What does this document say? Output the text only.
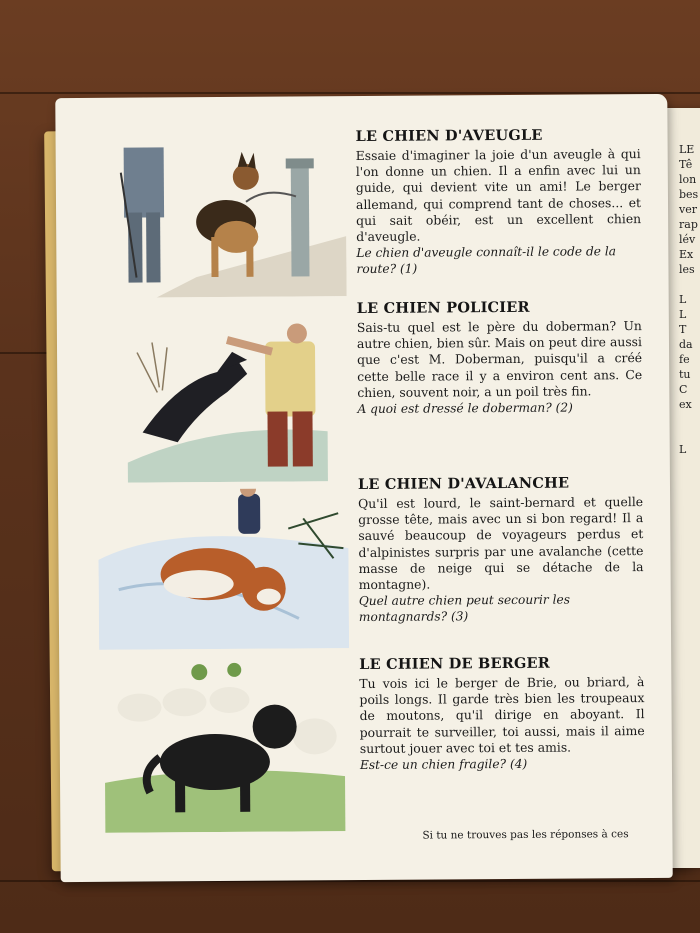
LE
Tê
lon
bes
ver
rap
lév
Ex
les

L
L
T
da
fe
tu
C
ex

L

LE CHIEN D'AVEUGLE
Essaie d'imaginer la joie d'un aveugle à qui l'on donne un chien. Il a enfin avec lui un guide, qui devient vite un ami! Le berger allemand, qui comprend tant de choses... et qui sait obéir, est un excellent chien d'aveugle.
Le chien d'aveugle connaît-il le code de la route? (1)
LE CHIEN POLICIER
Sais-tu quel est le père du doberman? Un autre chien, bien sûr. Mais on peut dire aussi que c'est M. Doberman, puisqu'il a créé cette belle race il y a environ cent ans. Ce chien, souvent noir, a un poil très fin.
A quoi est dressé le doberman? (2)
LE CHIEN D'AVALANCHE
Qu'il est lourd, le saint-bernard et quelle grosse tête, mais avec un si bon regard! Il a sauvé beaucoup de voyageurs perdus et d'alpinistes surpris par une avalanche (cette masse de neige qui se détache de la montagne).
Quel autre chien peut secourir les montagnards? (3)
LE CHIEN DE BERGER
Tu vois ici le berger de Brie, ou briard, à poils longs. Il garde très bien les troupeaux de moutons, qu'il dirige en aboyant. Il pourrait te surveiller, toi aussi, mais il aime surtout jouer avec toi et tes amis.
Est-ce un chien fragile? (4)
Si tu ne trouves pas les réponses à ces
